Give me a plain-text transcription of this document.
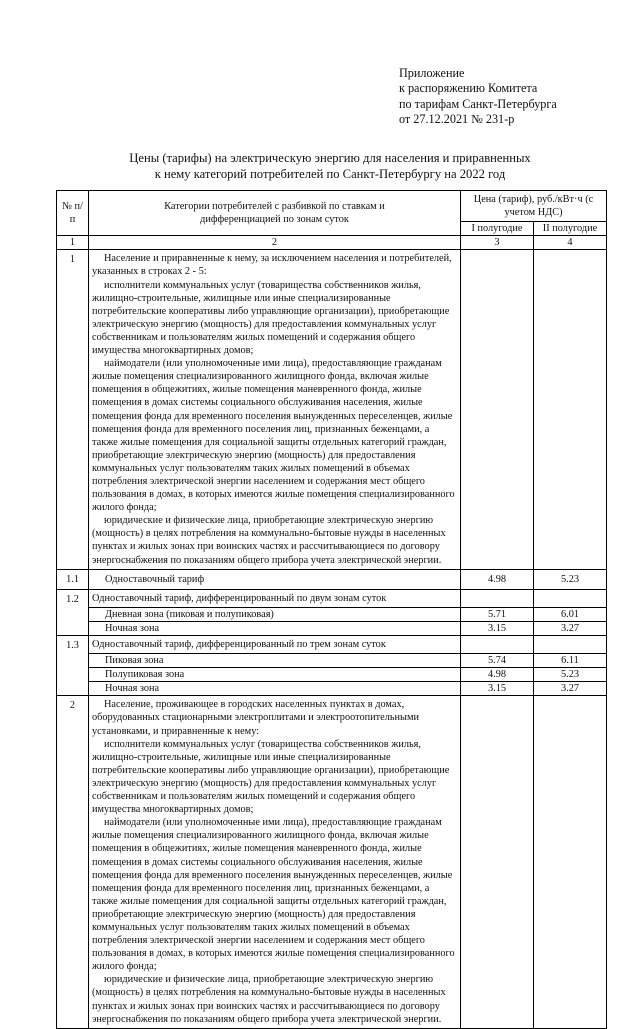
Приложение
к распоряжению Комитета
по тарифам Санкт-Петербурга
от 27.12.2021 № 231-р
Цены (тарифы) на электрическую энергию для населения и приравненных
к нему категорий потребителей по Санкт-Петербургу на 2022 год
№ п/п	Категории потребителей с разбивкой по ставкам и дифференциацией по зонам суток	Цена (тариф), руб./кВт·ч (с учетом НДС)	
		I полугодие	II полугодие
1	2	3	4
1	Население и приравненные к нему, за исключением населения и потребителей, указанных в строках 2 - 5:
исполнители коммунальных услуг (товарищества собственников жилья, жилищно-строительные, жилищные или иные специализированные потребительские кооперативы либо управляющие организации), приобретающие электрическую энергию (мощность) для предоставления коммунальных услуг собственникам и пользователям жилых помещений и содержания общего имущества многоквартирных домов;
наймодатели (или уполномоченные ими лица), предоставляющие гражданам жилые помещения специализированного жилищного фонда, включая жилые помещения в общежитиях, жилые помещения маневренного фонда, жилые помещения в домах системы социального обслуживания населения, жилые помещения фонда для временного поселения вынужденных переселенцев, жилые помещения фонда для временного поселения лиц, признанных беженцами, а также жилые помещения для социальной защиты отдельных категорий граждан, приобретающие электрическую энергию (мощность) для предоставления коммунальных услуг пользователям таких жилых помещений в объемах потребления электрической энергии населением и содержания мест общего пользования в домах, в которых имеются жилые помещения специализированного жилого фонда;
юридические и физические лица, приобретающие электрическую энергию (мощность) в целях потребления на коммунально-бытовые нужды в населенных пунктах и жилых зонах при воинских частях и рассчитывающиеся по договору энергоснабжения по показаниям общего прибора учета электрической энергии.		

1.1	Одноставочный тариф	4.98	5.23
1.2	Одноставочный тариф, дифференцированный по двум зонам суток		
	Дневная зона (пиковая и полупиковая)	5.71	6.01
	Ночная зона	3.15	3.27
1.3	Одноставочный тариф, дифференцированный по трем зонам суток		
	Пиковая зона	5.74	6.11
	Полупиковая зона	4.98	5.23
	Ночная зона	3.15	3.27
2	Население, проживающее в городских населенных пунктах в домах, оборудованных стационарными электроплитами и электроотопительными установками, и приравненные к нему:
исполнители коммунальных услуг (товарищества собственников жилья, жилищно-строительные, жилищные или иные специализированные потребительские кооперативы либо управляющие организации), приобретающие электрическую энергию (мощность) для предоставления коммунальных услуг собственникам и пользователям жилых помещений и содержания общего имущества многоквартирных домов;
наймодатели (или уполномоченные ими лица), предоставляющие гражданам жилые помещения специализированного жилищного фонда, включая жилые помещения в общежитиях, жилые помещения маневренного фонда, жилые помещения в домах системы социального обслуживания населения, жилые помещения фонда для временного поселения вынужденных переселенцев, жилые помещения фонда для временного поселения лиц, признанных беженцами, а также жилые помещения для социальной защиты отдельных категорий граждан, приобретающие электрическую энергию (мощность) для предоставления коммунальных услуг пользователям таких жилых помещений в объемах потребления электрической энергии населением и содержания мест общего пользования в домах, в которых имеются жилые помещения специализированного жилого фонда;
юридические и физические лица, приобретающие электрическую энергию (мощность) в целях потребления на коммунально-бытовые нужды в населенных пунктах и жилых зонах при воинских частях и рассчитывающиеся по договору энергоснабжения по показаниям общего прибора учета электрической энергии.		
